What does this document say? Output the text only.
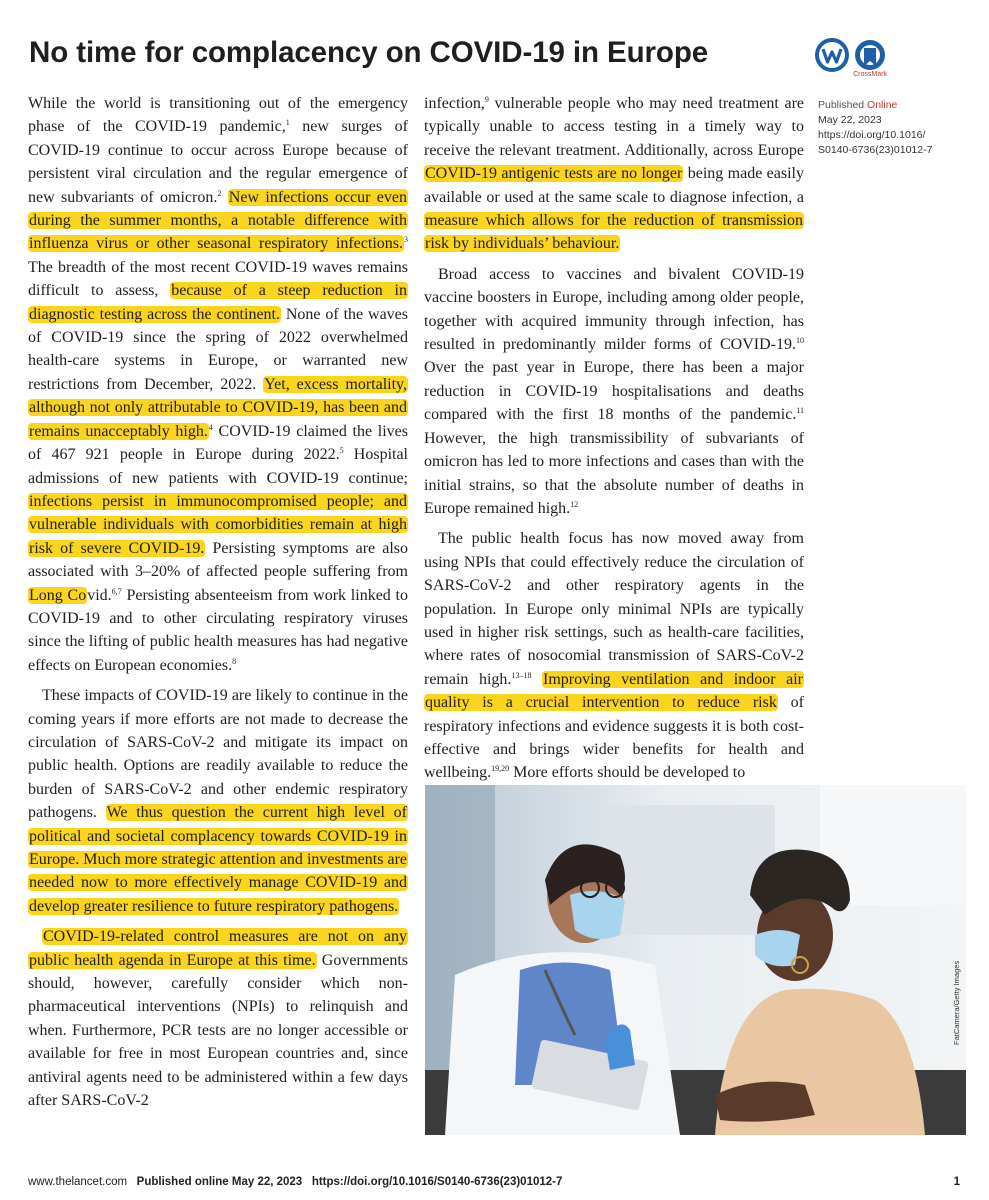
No time for complacency on COVID-19 in Europe
CrossMark
Published Online
May 22, 2023
https://doi.org/10.1016/
S0140-6736(23)01012-7

While the world is transitioning out of the emergency phase of the COVID-19 pandemic,$^1$ new surges of COVID-19 continue to occur across Europe because of persistent viral circulation and the regular emergence of new subvariants of omicron.$^2$ New infections occur even during the summer months, a notable difference with influenza virus or other seasonal respiratory infections.$^3$ The breadth of the most recent COVID-19 waves remains difficult to assess, because of a steep reduction in diagnostic testing across the continent. None of the waves of COVID-19 since the spring of 2022 overwhelmed health-care systems in Europe, or warranted new restrictions from December, 2022. Yet, excess mortality, although not only attributable to COVID-19, has been and remains unacceptably high.$^4$ COVID-19 claimed the lives of 467 921 people in Europe during 2022.$^5$ Hospital admissions of new patients with COVID-19 continue; infections persist in immunocompromised people; and vulnerable individuals with comorbidities remain at high risk of severe COVID-19. Persisting symptoms are also associated with 3–20% of affected people suffering from Long Covid.$^{6,7}$ Persisting absenteeism from work linked to COVID-19 and to other circulating respiratory viruses since the lifting of public health measures has had negative effects on European economies.$^8$

These impacts of COVID-19 are likely to continue in the coming years if more efforts are not made to decrease the circulation of SARS-CoV-2 and mitigate its impact on public health. Options are readily available to reduce the burden of SARS-CoV-2 and other endemic respiratory pathogens. We thus question the current high level of political and societal complacency towards COVID-19 in Europe. Much more strategic attention and investments are needed now to more effectively manage COVID-19 and develop greater resilience to future respiratory pathogens.

COVID-19-related control measures are not on any public health agenda in Europe at this time. Governments should, however, carefully consider which non-pharmaceutical interventions (NPIs) to relinquish and when. Furthermore, PCR tests are no longer accessible or available for free in most European countries and, since antiviral agents need to be administered within a few days after SARS-CoV-2

infection,$^9$ vulnerable people who may need treatment are typically unable to access testing in a timely way to receive the relevant treatment. Additionally, across Europe COVID-19 antigenic tests are no longer being made easily available or used at the same scale to diagnose infection, a measure which allows for the reduction of transmission risk by individuals’ behaviour.

Broad access to vaccines and bivalent COVID-19 vaccine boosters in Europe, including among older people, together with acquired immunity through infection, has resulted in predominantly milder forms of COVID-19.10 Over the past year in Europe, there has been a major reduction in COVID-19 hospitalisations and deaths compared with the first 18 months of the pandemic.$^{11}$ However, the high transmissibility of subvariants of omicron has led to more infections and cases than with the initial strains, so that the absolute number of deaths in Europe remained high.$^{12}$

The public health focus has now moved away from using NPIs that could effectively reduce the circulation of SARS-CoV-2 and other respiratory agents in the population. In Europe only minimal NPIs are typically used in higher risk settings, such as health-care facilities, where rates of nosocomial transmission of SARS-CoV-2 remain high.$^{13-18}$ Improving ventilation and indoor air quality is a crucial intervention to reduce risk of respiratory infections and evidence suggests it is both cost-effective and brings wider benefits for health and wellbeing.$^{19,20}$ More efforts should be developed to

FatCamera/Getty Images
www.thelancet.com Published online May 22, 2023 https://doi.org/10.1016/S0140-6736(23)01012-7	1
